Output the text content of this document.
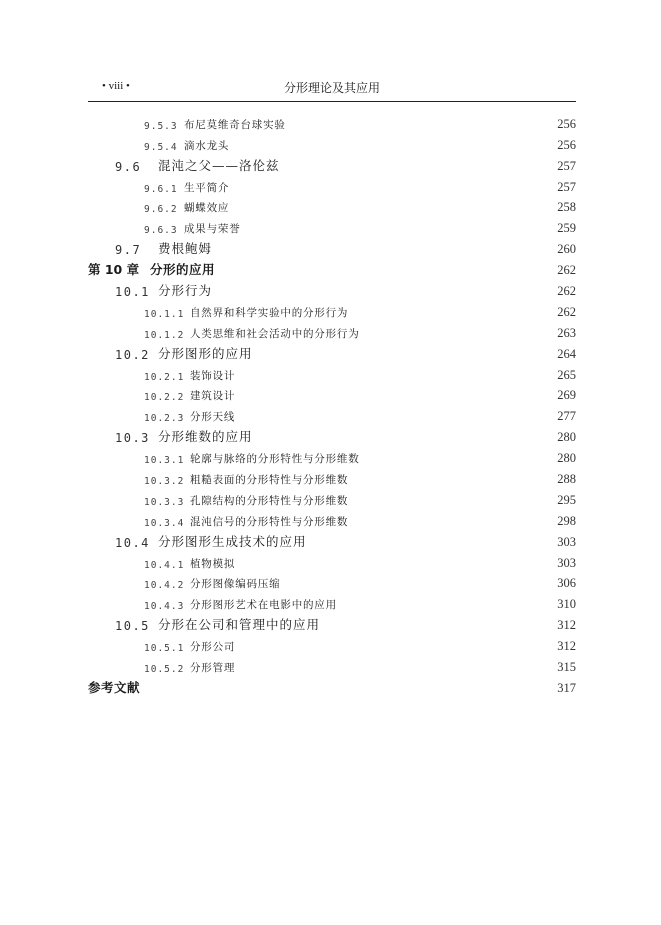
• viii •	分形理论及其应用
9.5.3 布尼莫维奇台球实验	256
9.5.4 滴水龙头	256
9.6 混沌之父——洛伦兹	257
9.6.1 生平简介	257
9.6.2 蝴蝶效应	258
9.6.3 成果与荣誉	259
9.7 费根鲍姆	260
第 10 章 分形的应用	262
10.1 分形行为	262
10.1.1 自然界和科学实验中的分形行为	262
10.1.2 人类思维和社会活动中的分形行为	263
10.2 分形图形的应用	264
10.2.1 装饰设计	265
10.2.2 建筑设计	269
10.2.3 分形天线	277
10.3 分形维数的应用	280
10.3.1 轮廓与脉络的分形特性与分形维数	280
10.3.2 粗糙表面的分形特性与分形维数	288
10.3.3 孔隙结构的分形特性与分形维数	295
10.3.4 混沌信号的分形特性与分形维数	298
10.4 分形图形生成技术的应用	303
10.4.1 植物模拟	303
10.4.2 分形图像编码压缩	306
10.4.3 分形图形艺术在电影中的应用	310
10.5 分形在公司和管理中的应用	312
10.5.1 分形公司	312
10.5.2 分形管理	315
参考文献	317
